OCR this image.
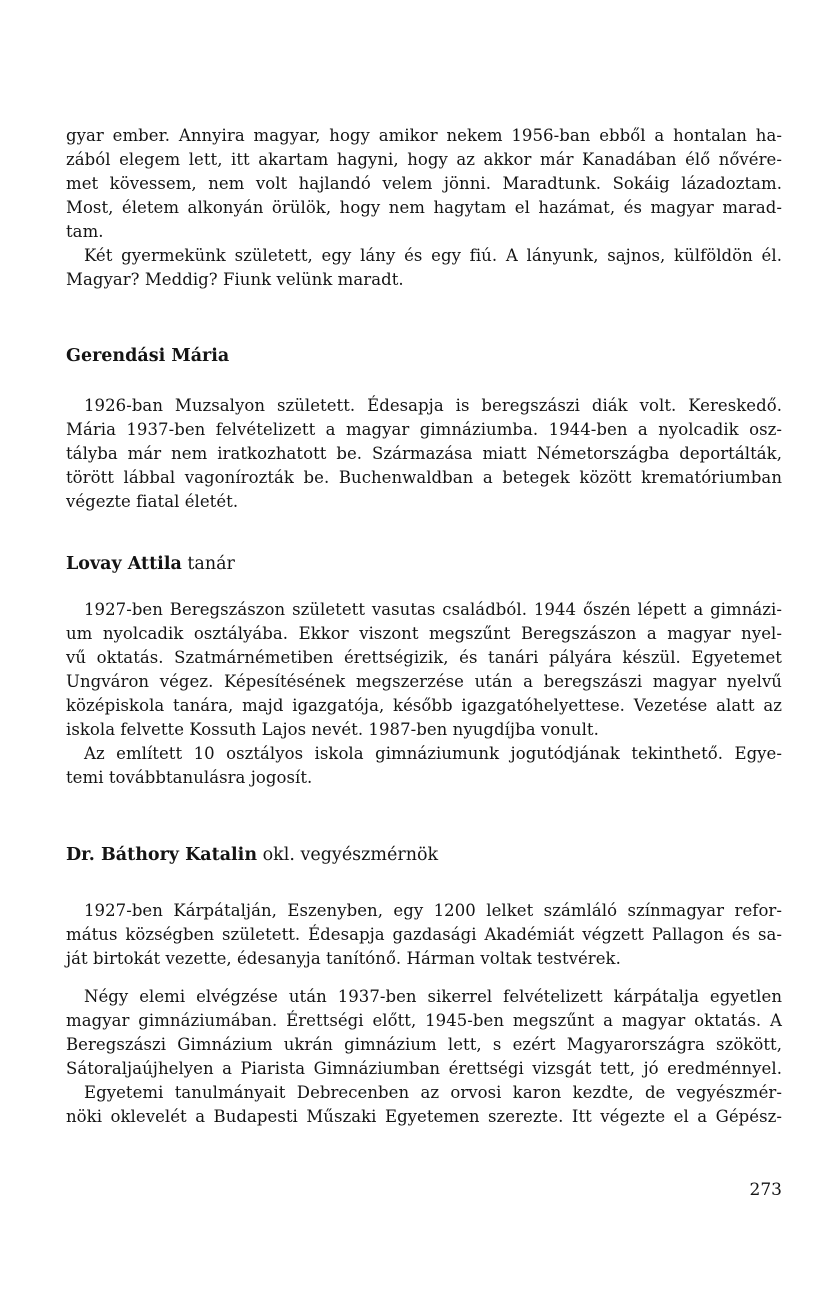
gyar ember. Annyira magyar, hogy amikor nekem 1956-ban ebből a hontalan ha-
zából elegem lett, itt akartam hagyni, hogy az akkor már Kanadában élő nővére-
met kövessem, nem volt hajlandó velem jönni. Maradtunk. Sokáig lázadoztam.
Most, életem alkonyán örülök, hogy nem hagytam el hazámat, és magyar marad-
tam.
Két gyermekünk született, egy lány és egy fiú. A lányunk, sajnos, külföldön él.
Magyar? Meddig? Fiunk velünk maradt.
Gerendási Mária
1926-ban Muzsalyon született. Édesapja is beregszászi diák volt. Kereskedő.
Mária 1937-ben felvételizett a magyar gimnáziumba. 1944-ben a nyolcadik osz-
tályba már nem iratkozhatott be. Származása miatt Németországba deportálták,
törött lábbal vagonírozták be. Buchenwaldban a betegek között krematóriumban
végezte fiatal életét.
Lovay Attila tanár
1927-ben Beregszászon született vasutas családból. 1944 őszén lépett a gimnázi-
um nyolcadik osztályába. Ekkor viszont megszűnt Beregszászon a magyar nyel-
vű oktatás. Szatmárnémetiben érettségizik, és tanári pályára készül. Egyetemet
Ungváron végez. Képesítésének megszerzése után a beregszászi magyar nyelvű
középiskola tanára, majd igazgatója, később igazgatóhelyettese. Vezetése alatt az
iskola felvette Kossuth Lajos nevét. 1987-ben nyugdíjba vonult.
Az említett 10 osztályos iskola gimnáziumunk jogutódjának tekinthető. Egye-
temi továbbtanulásra jogosít.
Dr. Báthory Katalin okl. vegyészmérnök
1927-ben Kárpátalján, Eszenyben, egy 1200 lelket számláló színmagyar refor-
mátus községben született. Édesapja gazdasági Akadémiát végzett Pallagon és sa-
ját birtokát vezette, édesanyja tanítónő. Hárman voltak testvérek.
Négy elemi elvégzése után 1937-ben sikerrel felvételizett kárpátalja egyetlen
magyar gimnáziumában. Érettségi előtt, 1945-ben megszűnt a magyar oktatás. A
Beregszászi Gimnázium ukrán gimnázium lett, s ezért Magyarországra szökött,
Sátoraljaújhelyen a Piarista Gimnáziumban érettségi vizsgát tett, jó eredménnyel.
Egyetemi tanulmányait Debrecenben az orvosi karon kezdte, de vegyészmér-
nöki oklevelét a Budapesti Műszaki Egyetemen szerezte. Itt végezte el a Gépész-
273
